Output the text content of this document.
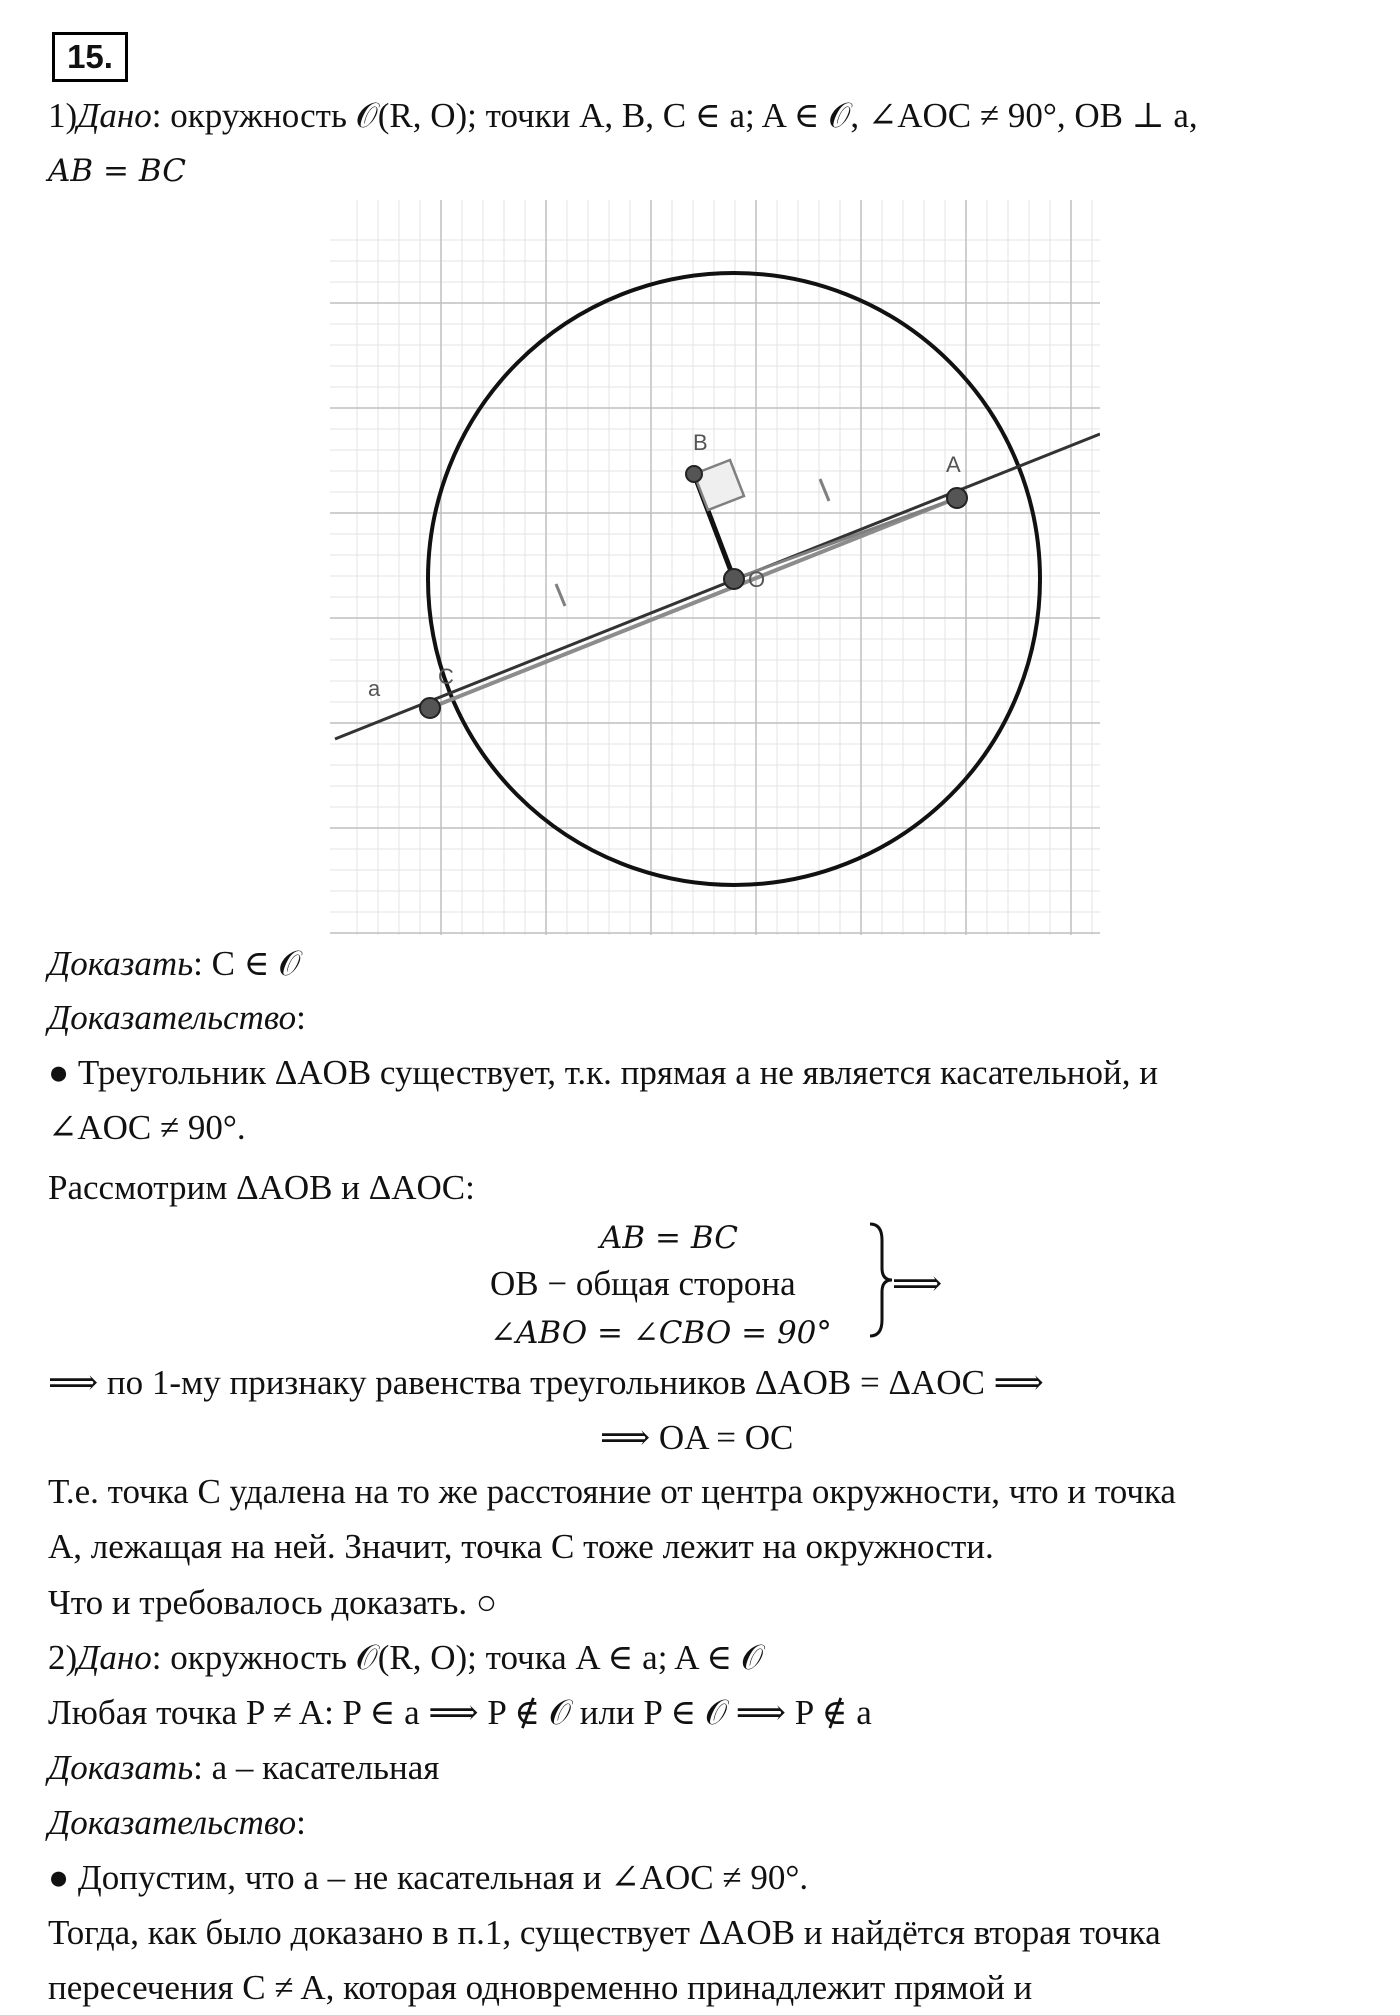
15.
1)Дано: окружность 𝒪(R, O); точки A, B, C ∈ a; A ∈ 𝒪, ∠AOC ≠ 90°, OB ⊥ a,
AB = BC
a
A
B
C
O
Доказать: C ∈ 𝒪
Доказательство:
● Треугольник ΔAOB существует, т.к. прямая a не является касательной, и
∠AOC ≠ 90°.
Рассмотрим ΔAOB и ΔAOC:
AB = BC
OB − общая сторона
∠ABO = ∠CBO = 90°
⟹
⟹ по 1-му признаку равенства треугольников ΔAOB = ΔAOC ⟹
⟹ OA = OC
Т.е. точка C удалена на то же расстояние от центра окружности, что и точка
A, лежащая на ней. Значит, точка C тоже лежит на окружности.
Что и требовалось доказать. ○
2)Дано: окружность 𝒪(R, O); точка A ∈ a; A ∈ 𝒪
Любая точка P ≠ A: P ∈ a ⟹ P ∉ 𝒪 или P ∈ 𝒪 ⟹ P ∉ a
Доказать: a – касательная
Доказательство:
● Допустим, что a – не касательная и ∠AOC ≠ 90°.
Тогда, как было доказано в п.1, существует ΔAOB и найдётся вторая точка
пересечения C ≠ A, которая одновременно принадлежит прямой и
